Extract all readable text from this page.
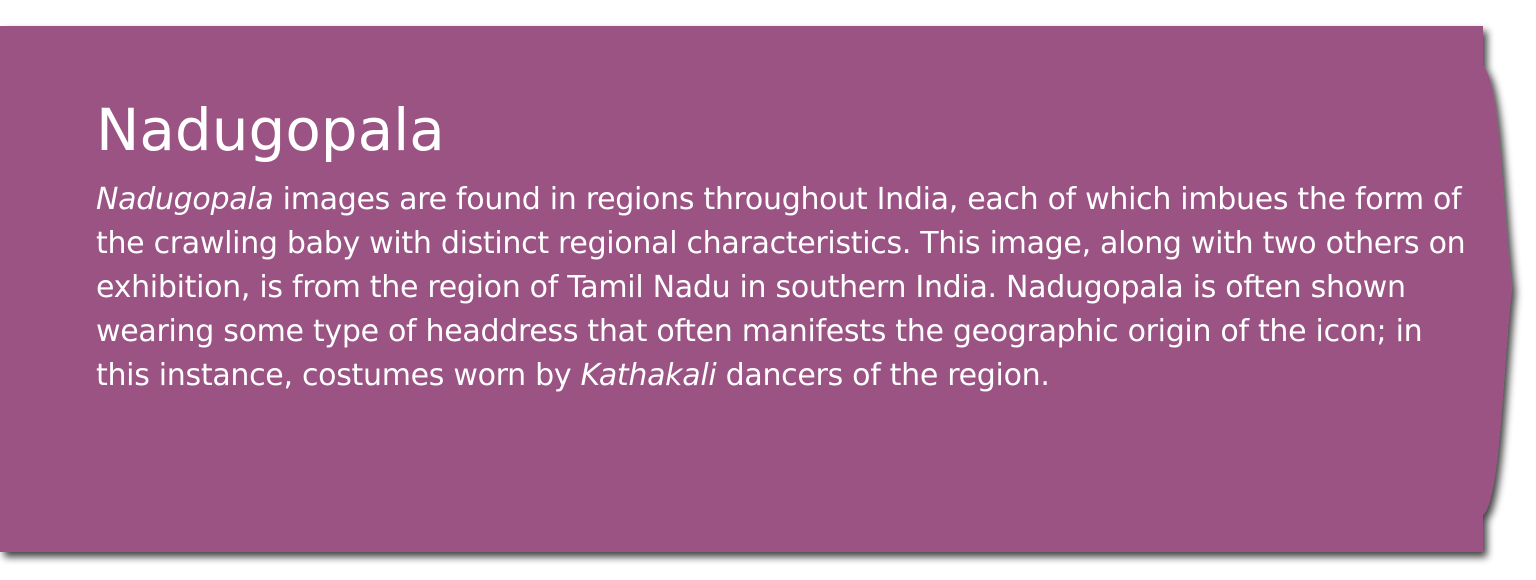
Nadugopala

Nadugopala images are found in regions throughout India, each of which imbues the form of the crawling baby with distinct regional characteristics. This image, along with two others on exhibition, is from the region of Tamil Nadu in southern India. Nadugopala is often shown wearing some type of headdress that often manifests the geographic origin of the icon; in this instance, costumes worn by Kathakali dancers of the region.
